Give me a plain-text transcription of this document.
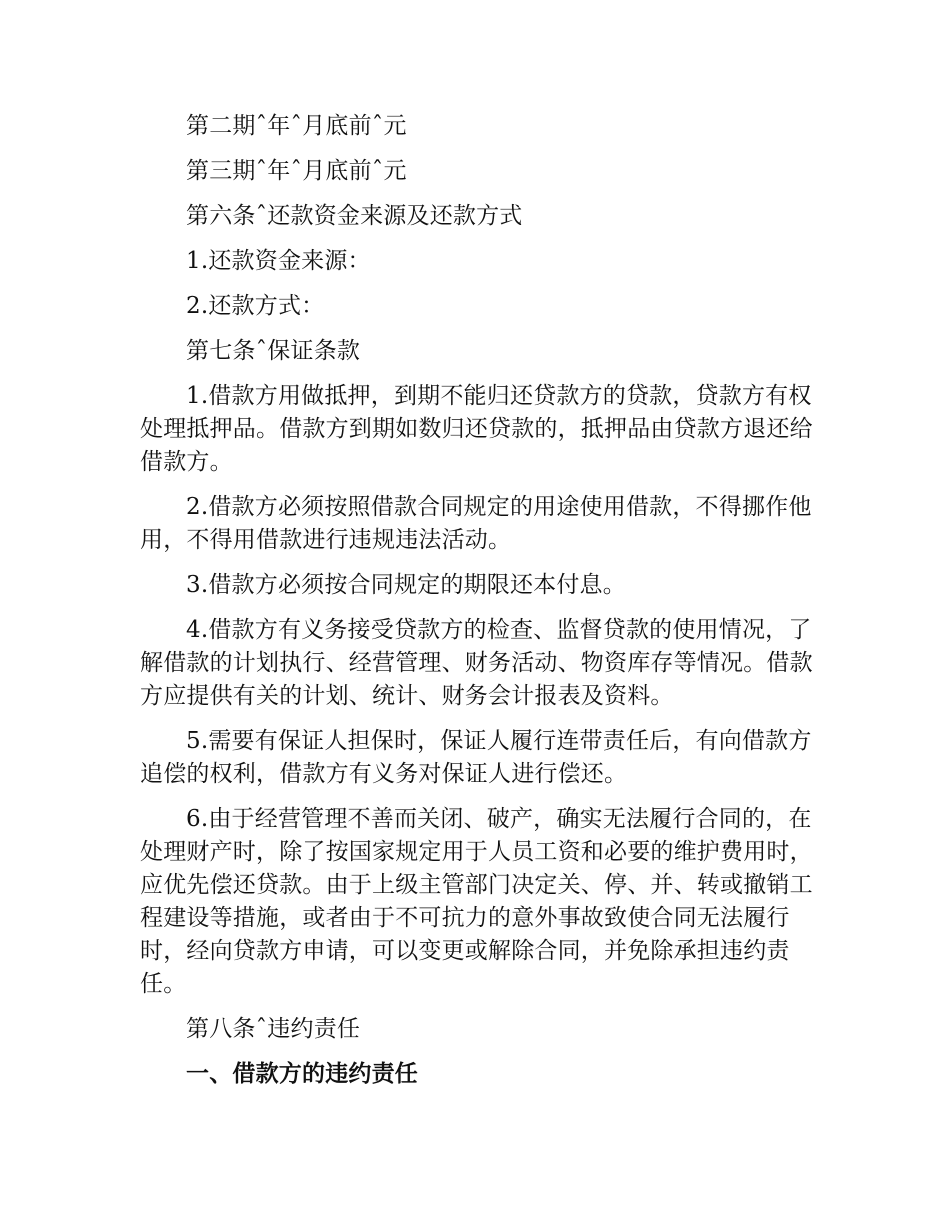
第二期ˆ年ˆ月底前ˆ元

第三期ˆ年ˆ月底前ˆ元

第六条ˆ还款资金来源及还款方式

1.还款资金来源：

2.还款方式：

第七条ˆ保证条款

1.借款方用做抵押，到期不能归还贷款方的贷款，贷款方有权处理抵押品。借款方到期如数归还贷款的，抵押品由贷款方退还给借款方。

2.借款方必须按照借款合同规定的用途使用借款，不得挪作他用，不得用借款进行违规违法活动。

3.借款方必须按合同规定的期限还本付息。

4.借款方有义务接受贷款方的检查、监督贷款的使用情况，了解借款的计划执行、经营管理、财务活动、物资库存等情况。借款方应提供有关的计划、统计、财务会计报表及资料。

5.需要有保证人担保时，保证人履行连带责任后，有向借款方追偿的权利，借款方有义务对保证人进行偿还。

6.由于经营管理不善而关闭、破产，确实无法履行合同的，在处理财产时，除了按国家规定用于人员工资和必要的维护费用时，应优先偿还贷款。由于上级主管部门决定关、停、并、转或撤销工程建设等措施，或者由于不可抗力的意外事故致使合同无法履行时，经向贷款方申请，可以变更或解除合同，并免除承担违约责任。

第八条ˆ违约责任

一、借款方的违约责任
